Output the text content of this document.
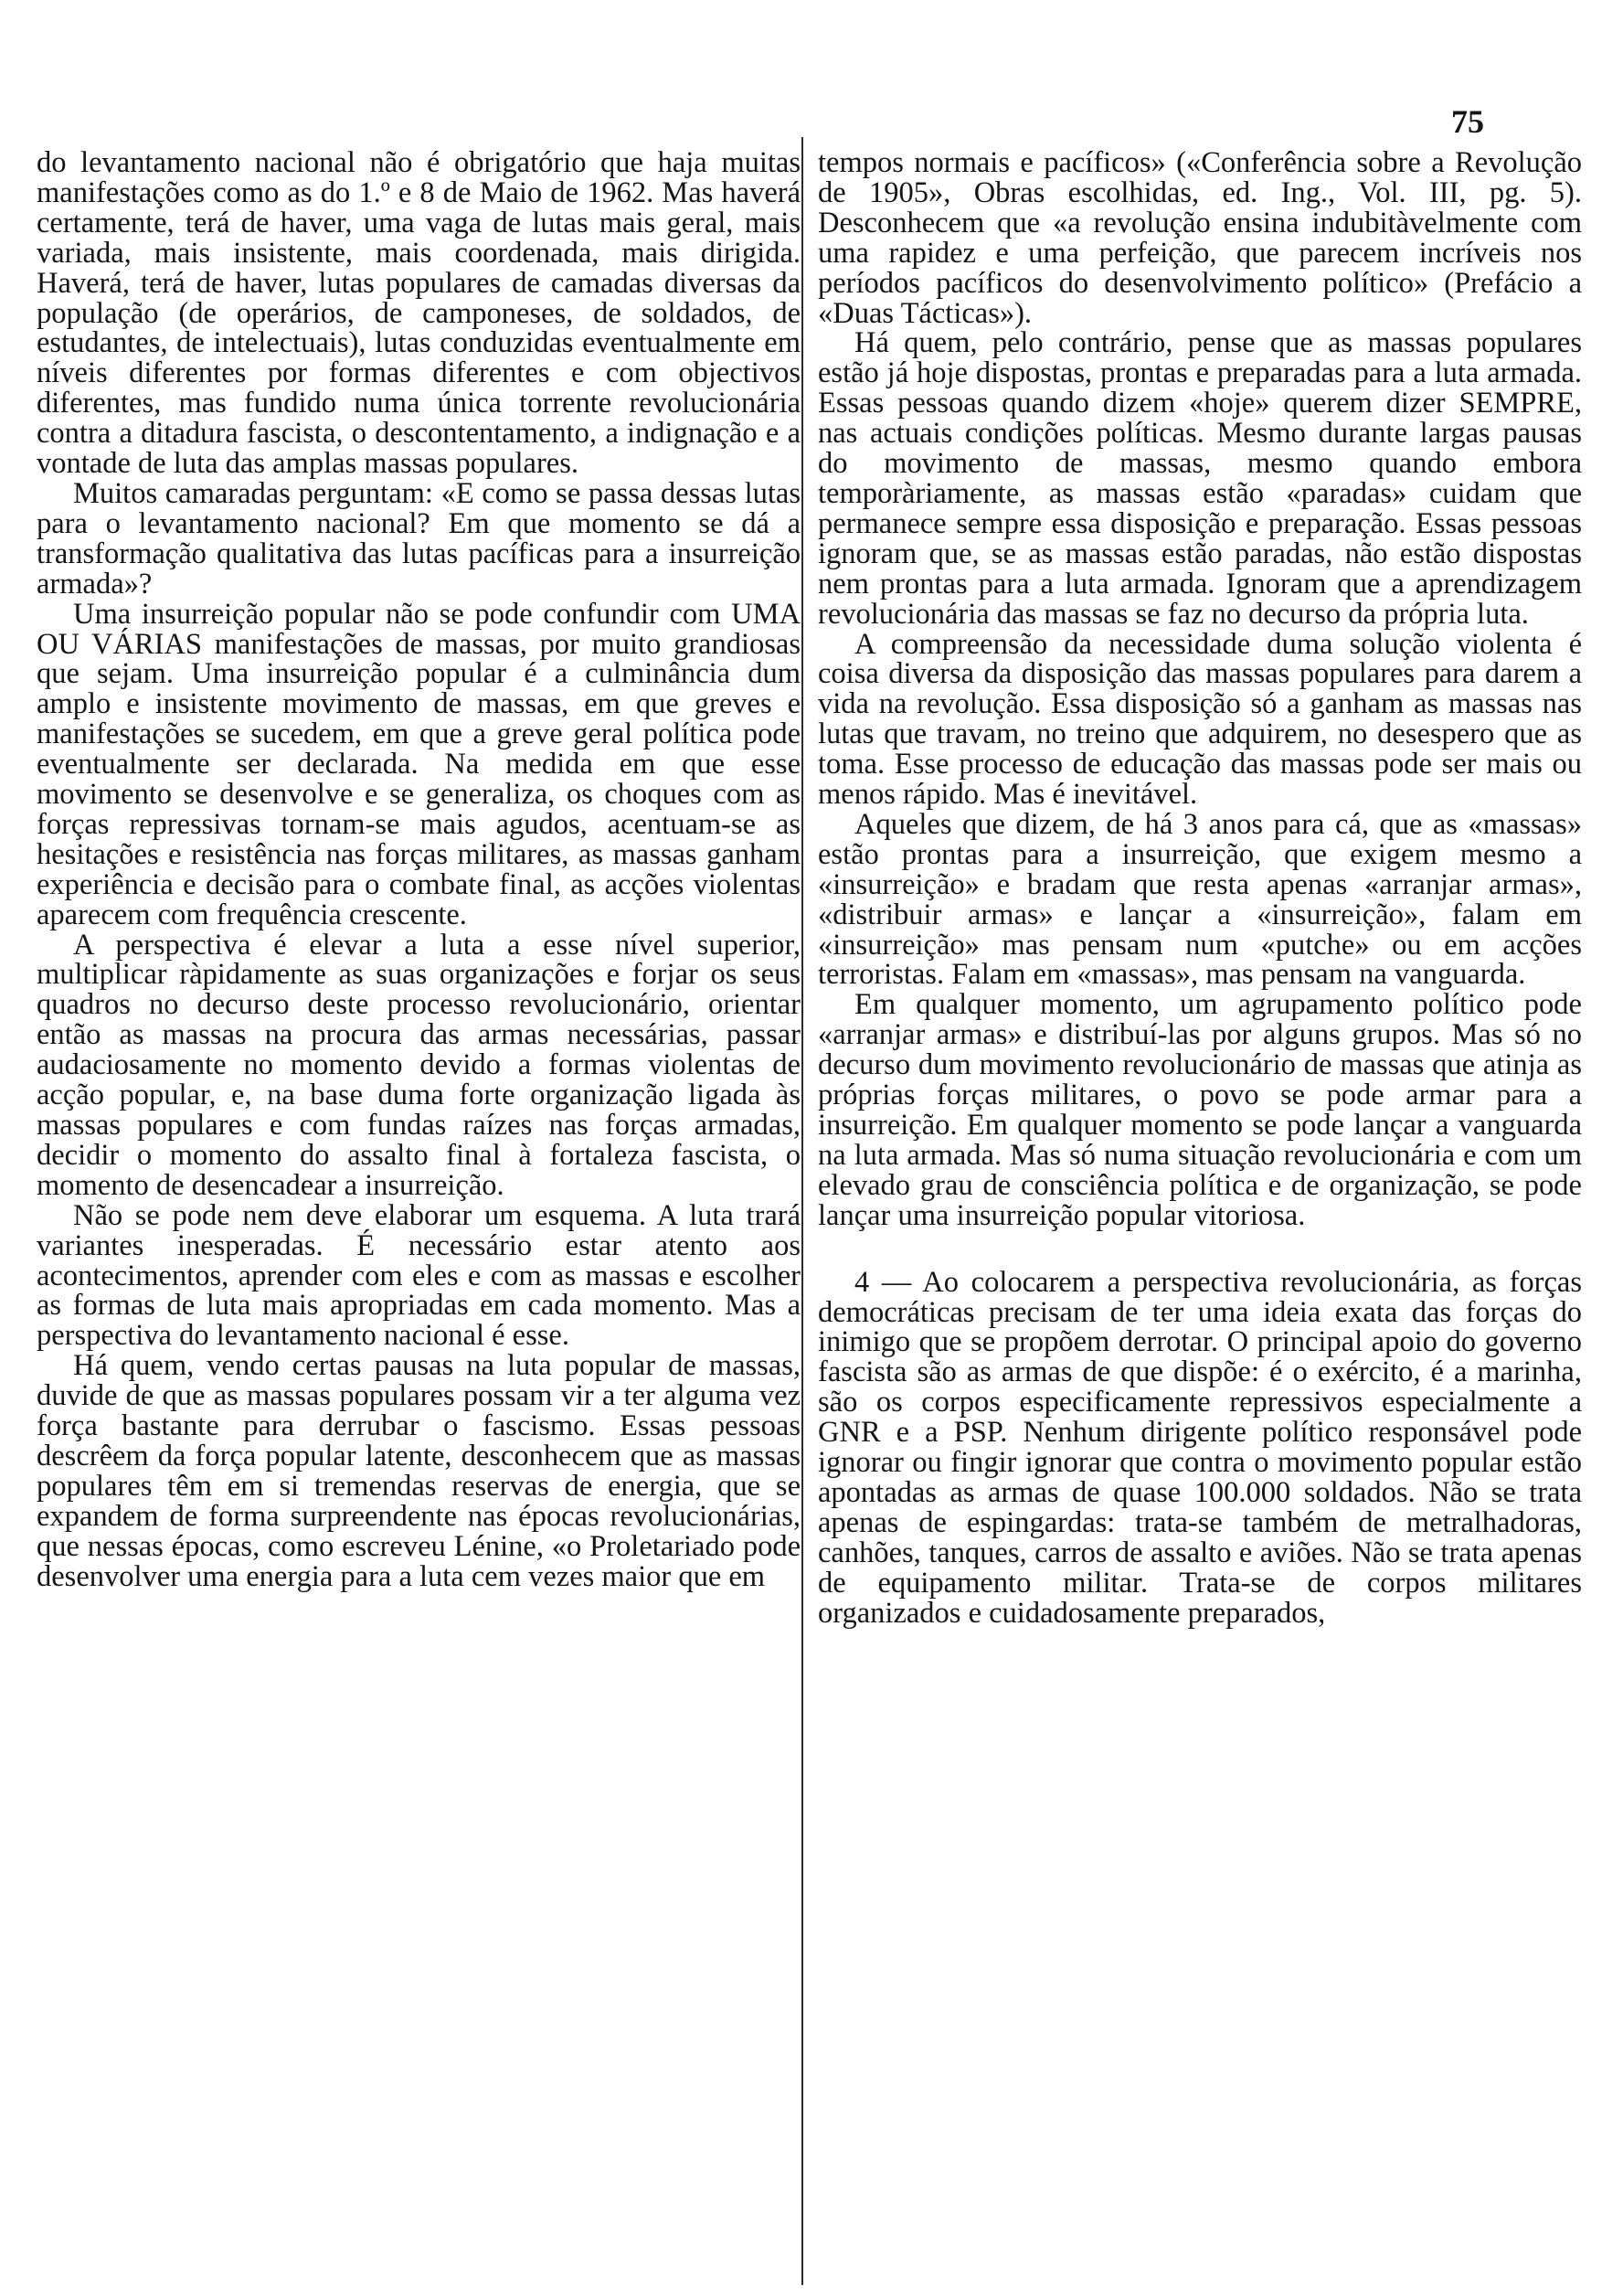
75

do levantamento nacional não é obrigatório que haja muitas manifestações como as do 1.º e 8 de Maio de 1962. Mas haverá certamente, terá de haver, uma vaga de lutas mais geral, mais variada, mais insistente, mais coordenada, mais dirigida. Haverá, terá de haver, lutas populares de camadas diversas da população (de operários, de camponeses, de soldados, de estudantes, de intelectuais), lutas conduzidas eventualmente em níveis diferentes por formas diferentes e com objectivos diferentes, mas fundido numa única torrente revolucionária contra a ditadura fascista, o descontentamento, a indignação e a vontade de luta das amplas massas populares.

Muitos camaradas perguntam: «E como se passa dessas lutas para o levantamento nacional? Em que momento se dá a transformação qualitativa das lutas pacíficas para a insurreição armada»?

Uma insurreição popular não se pode confundir com UMA OU VÁRIAS manifestações de massas, por muito grandiosas que sejam. Uma insurreição popular é a culminância dum amplo e insistente movimento de massas, em que greves e manifestações se sucedem, em que a greve geral política pode eventualmente ser declarada. Na medida em que esse movimento se desenvolve e se generaliza, os choques com as forças repressivas tornam-se mais agudos, acentuam-se as hesitações e resistência nas forças militares, as massas ganham experiência e decisão para o combate final, as acções violentas aparecem com frequência crescente.

A perspectiva é elevar a luta a esse nível superior, multiplicar ràpidamente as suas organizações e forjar os seus quadros no decurso deste processo revolucionário, orientar então as massas na procura das armas necessárias, passar audaciosamente no momento devido a formas violentas de acção popular, e, na base duma forte organização ligada às massas populares e com fundas raízes nas forças armadas, decidir o momento do assalto final à fortaleza fascista, o momento de desencadear a insurreição.

Não se pode nem deve elaborar um esquema. A luta trará variantes inesperadas. É necessário estar atento aos acontecimentos, aprender com eles e com as massas e escolher as formas de luta mais apropriadas em cada momento. Mas a perspectiva do levantamento nacional é esse.

Há quem, vendo certas pausas na luta popular de massas, duvide de que as massas populares possam vir a ter alguma vez força bastante para derrubar o fascismo. Essas pessoas descrêem da força popular latente, desconhecem que as massas populares têm em si tremendas reservas de energia, que se expandem de forma surpreendente nas épocas revolucionárias, que nessas épocas, como escreveu Lénine, «o Proletariado pode desenvolver uma energia para a luta cem vezes maior que em

tempos normais e pacíficos» («Conferência sobre a Revolução de 1905», Obras escolhidas, ed. Ing., Vol. III, pg. 5). Desconhecem que «a revolução ensina indubitàvelmente com uma rapidez e uma perfeição, que parecem incríveis nos períodos pacíficos do desenvolvimento político» (Prefácio a «Duas Tácticas»).

Há quem, pelo contrário, pense que as massas populares estão já hoje dispostas, prontas e preparadas para a luta armada. Essas pessoas quando dizem «hoje» querem dizer SEMPRE, nas actuais condições políticas. Mesmo durante largas pausas do movimento de massas, mesmo quando embora temporàriamente, as massas estão «paradas» cuidam que permanece sempre essa disposição e preparação. Essas pessoas ignoram que, se as massas estão paradas, não estão dispostas nem prontas para a luta armada. Ignoram que a aprendizagem revolucionária das massas se faz no decurso da própria luta.

A compreensão da necessidade duma solução violenta é coisa diversa da disposição das massas populares para darem a vida na revolução. Essa disposição só a ganham as massas nas lutas que travam, no treino que adquirem, no desespero que as toma. Esse processo de educação das massas pode ser mais ou menos rápido. Mas é inevitável.

Aqueles que dizem, de há 3 anos para cá, que as «massas» estão prontas para a insurreição, que exigem mesmo a «insurreição» e bradam que resta apenas «arranjar armas», «distribuir armas» e lançar a «insurreição», falam em «insurreição» mas pensam num «putche» ou em acções terroristas. Falam em «massas», mas pensam na vanguarda.

Em qualquer momento, um agrupamento político pode «arranjar armas» e distribuí-las por alguns grupos. Mas só no decurso dum movimento revolucionário de massas que atinja as próprias forças militares, o povo se pode armar para a insurreição. Em qualquer momento se pode lançar a vanguarda na luta armada. Mas só numa situação revolucionária e com um elevado grau de consciência política e de organização, se pode lançar uma insurreição popular vitoriosa.

4 — Ao colocarem a perspectiva revolucionária, as forças democráticas precisam de ter uma ideia exata das forças do inimigo que se propõem derrotar. O principal apoio do governo fascista são as armas de que dispõe: é o exército, é a marinha, são os corpos especificamente repressivos especialmente a GNR e a PSP. Nenhum dirigente político responsável pode ignorar ou fingir ignorar que contra o movimento popular estão apontadas as armas de quase 100.000 soldados. Não se trata apenas de espingardas: trata-se também de metralhadoras, canhões, tanques, carros de assalto e aviões. Não se trata apenas de equipamento militar. Trata-se de corpos militares organizados e cuidadosamente preparados,
